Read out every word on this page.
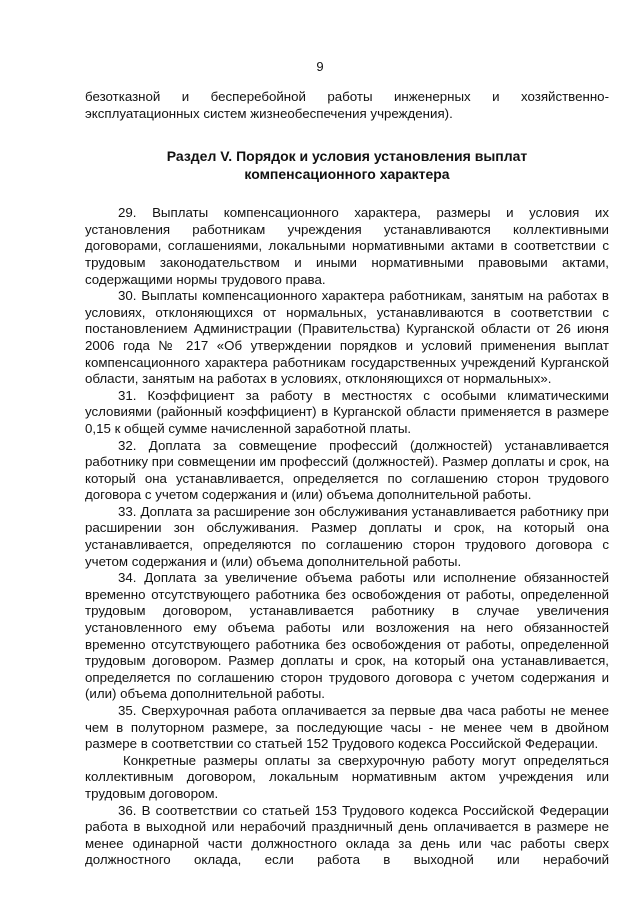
9

безотказной и бесперебойной работы инженерных и хозяйственно-эксплуатационных систем жизнеобеспечения учреждения).

Раздел V. Порядок и условия установления выплат компенсационного характера

29. Выплаты компенсационного характера, размеры и условия их установления работникам учреждения устанавливаются коллективными договорами, соглашениями, локальными нормативными актами в соответствии с трудовым законодательством и иными нормативными правовыми актами, содержащими нормы трудового права.

30. Выплаты компенсационного характера работникам, занятым на работах в условиях, отклоняющихся от нормальных, устанавливаются в соответствии с постановлением Администрации (Правительства) Курганской области от 26 июня 2006 года № 217 «Об утверждении порядков и условий применения выплат компенсационного характера работникам государственных учреждений Курганской области, занятым на работах в условиях, отклоняющихся от нормальных».

31. Коэффициент за работу в местностях с особыми климатическими условиями (районный коэффициент) в Курганской области применяется в размере 0,15 к общей сумме начисленной заработной платы.

32. Доплата за совмещение профессий (должностей) устанавливается работнику при совмещении им профессий (должностей). Размер доплаты и срок, на который она устанавливается, определяется по соглашению сторон трудового договора с учетом содержания и (или) объема дополнительной работы.

33. Доплата за расширение зон обслуживания устанавливается работнику при расширении зон обслуживания. Размер доплаты и срок, на который она устанавливается, определяются по соглашению сторон трудового договора с учетом содержания и (или) объема дополнительной работы.

34. Доплата за увеличение объема работы или исполнение обязанностей временно отсутствующего работника без освобождения от работы, определенной трудовым договором, устанавливается работнику в случае увеличения установленного ему объема работы или возложения на него обязанностей временно отсутствующего работника без освобождения от работы, определенной трудовым договором. Размер доплаты и срок, на который она устанавливается, определяется по соглашению сторон трудового договора с учетом содержания и (или) объема дополнительной работы.

35. Сверхурочная работа оплачивается за первые два часа работы не менее чем в полуторном размере, за последующие часы - не менее чем в двойном размере в соответствии со статьей 152 Трудового кодекса Российской Федерации.

Конкретные размеры оплаты за сверхурочную работу могут определяться коллективным договором, локальным нормативным актом учреждения или трудовым договором.

36. В соответствии со статьей 153 Трудового кодекса Российской Федерации работа в выходной или нерабочий праздничный день оплачивается в размере не менее одинарной части должностного оклада за день или час работы сверх должностного оклада, если работа в выходной или нерабочий
